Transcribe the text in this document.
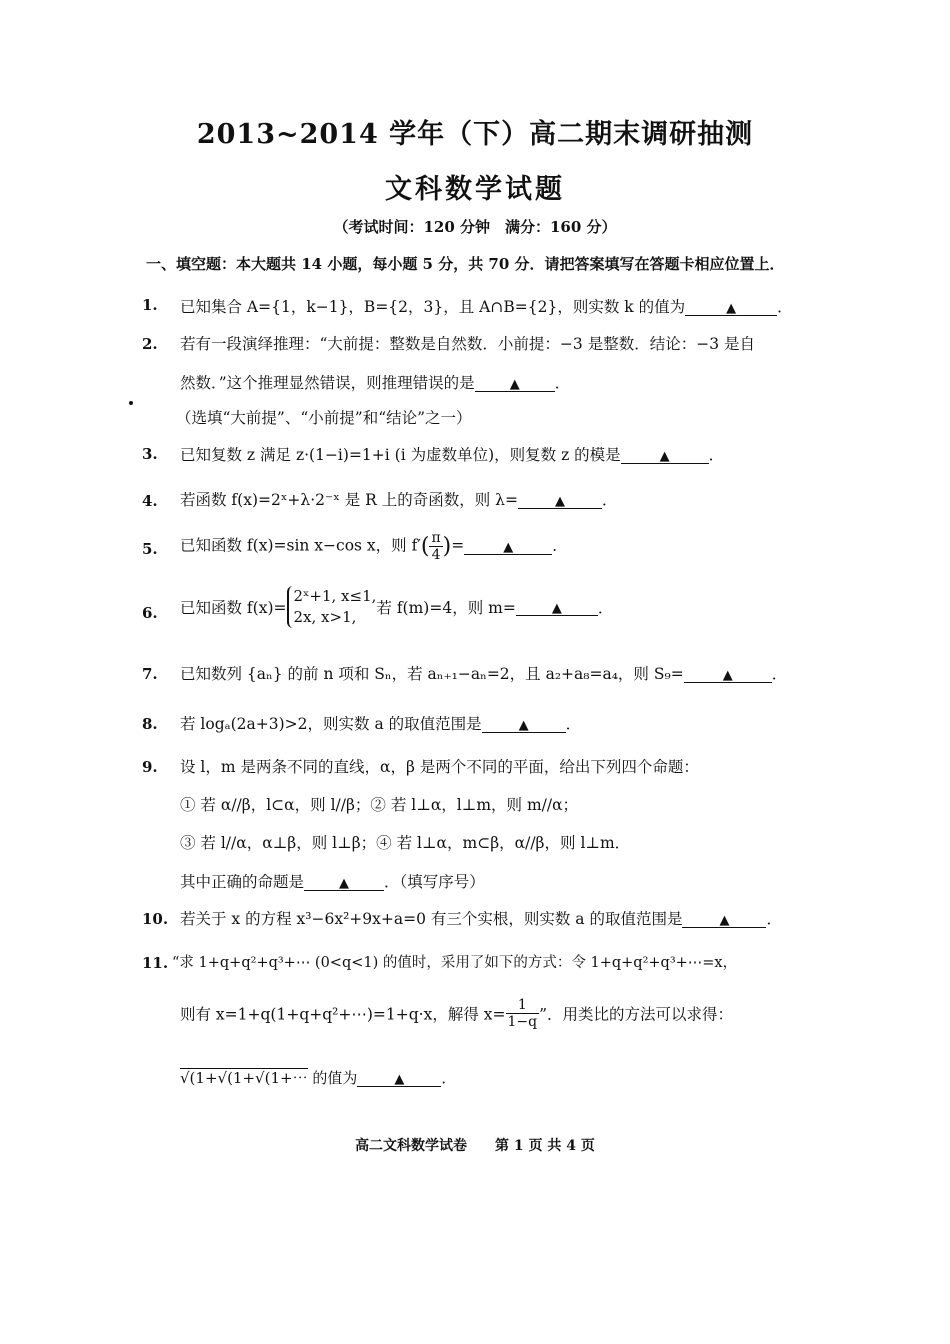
2013~2014 学年（下）高二期末调研抽测
文科数学试题
（考试时间：120 分钟　满分：160 分）
一、填空题：本大题共 14 小题，每小题 5 分，共 70 分．请把答案填写在答题卡相应位置上．
1.	已知集合 A={1，k−1}，B={2，3}，且 A∩B={2}，则实数 k 的值为	▲	．
2.	若有一段演绎推理：“大前提：整数是自然数．小前提：−3 是整数．结论：−3 是自
然数．”这个推理显然错误，则推理错误的是	▲ ．
（选填“大前提”、“小前提”和“结论”之一）
3.	已知复数 z 满足 z·(1−i)=1+i (i 为虚数单位)，则复数 z 的模是	▲	．
4.	若函数 f(x)=2ˣ+λ·2⁻ˣ 是 R 上的奇函数，则 λ=	▲ ．
5.	已知函数 f(x)=sin x−cos x，则 $f'( \frac{\pi}{4}$ )=	▲	．
6.	已知函数 f(x)=
2ˣ+1, x≤1,
2x, x>1,	若 f(m)=4，则 m=	▲ ．
7.	已知数列 {aₙ} 的前 n 项和 Sₙ，若 aₙ₊₁−aₙ=2，且 a₂+a₈=a₄，则 S₉=	▲	．
8.	若 logₐ(2a+3)>2，则实数 a 的取值范围是	▲ ．
9.	设 l，m 是两条不同的直线，α，β 是两个不同的平面，给出下列四个命题：
① 若 α//β，l⊂α，则 l//β；② 若 l⊥α，l⊥m，则 m//α；
③ 若 l//α，α⊥β，则 l⊥β；④ 若 l⊥α，m⊂β，α//β，则 l⊥m．
其中正确的命题是	▲ ．（填写序号）
10. 若关于 x 的方程 x³−6x²+9x+a=0 有三个实根，则实数 a 的取值范围是	▲ ．
11. “求 1+q+q²+q³+⋯ (0<q<1) 的值时，采用了如下的方式：令 1+q+q²+q³+⋯=x，
则有 x=1+q(1+q+q²+⋯)=1+q·x，解得 $x= \frac{1}{1-q}$ ”．用类比的方法可以求得：
√(1+√(1+√(1+⋯ 的值为	▲ ．
高二文科数学试卷　　第 1 页 共 4 页
